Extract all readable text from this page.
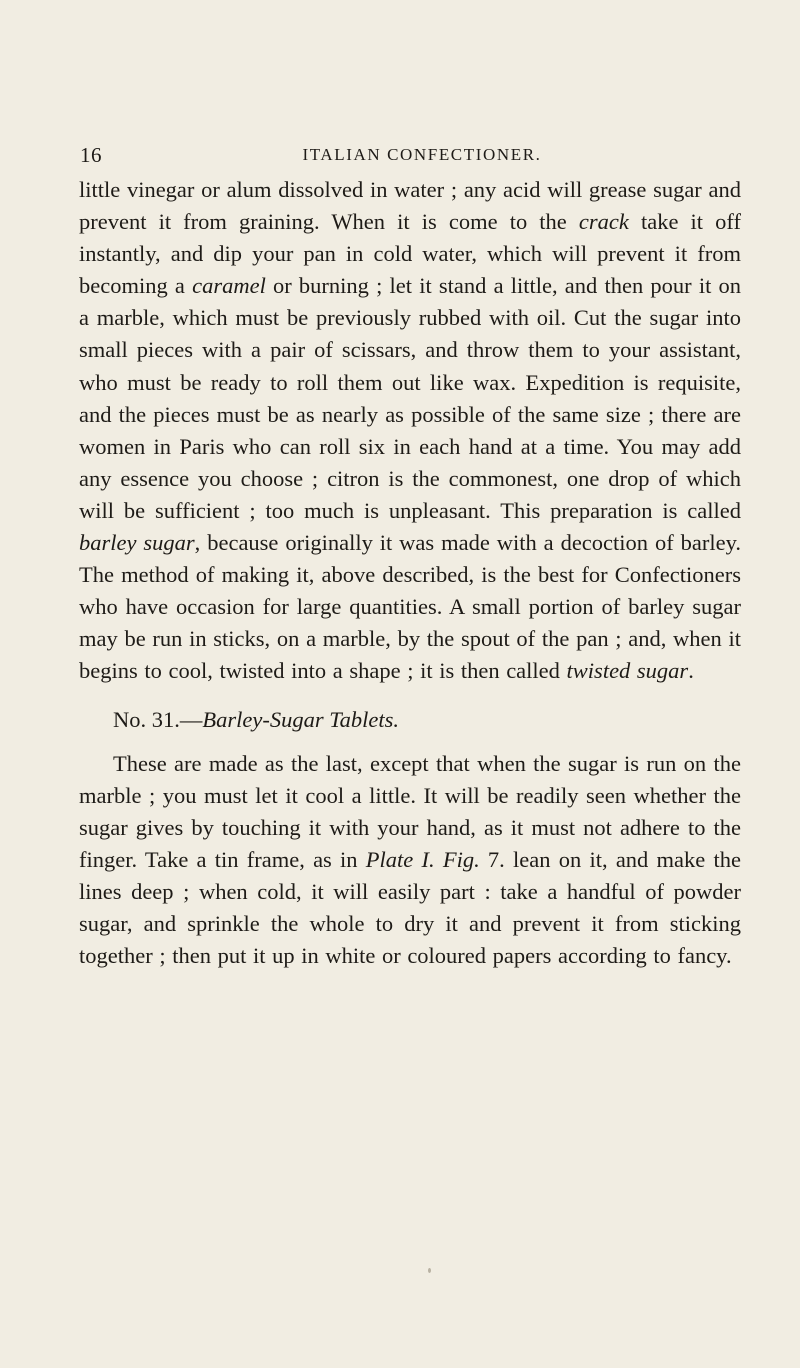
16	ITALIAN CONFECTIONER.

little vinegar or alum dissolved in water ; any acid will grease sugar and prevent it from graining. When it is come to the crack take it off instantly, and dip your pan in cold water, which will prevent it from becoming a caramel or burning ; let it stand a little, and then pour it on a marble, which must be previously rubbed with oil. Cut the sugar into small pieces with a pair of scissars, and throw them to your assistant, who must be ready to roll them out like wax. Expedition is requisite, and the pieces must be as nearly as possible of the same size ; there are women in Paris who can roll six in each hand at a time. You may add any essence you choose ; citron is the commonest, one drop of which will be sufficient ; too much is unpleasant. This preparation is called barley sugar, because originally it was made with a decoction of barley. The method of making it, above described, is the best for Confectioners who have occasion for large quantities. A small portion of barley sugar may be run in sticks, on a marble, by the spout of the pan ; and, when it begins to cool, twisted into a shape ; it is then called twisted sugar.

No. 31.—Barley-Sugar Tablets.

These are made as the last, except that when the sugar is run on the marble ; you must let it cool a little. It will be readily seen whether the sugar gives by touching it with your hand, as it must not adhere to the finger. Take a tin frame, as in Plate I. Fig. 7. lean on it, and make the lines deep ; when cold, it will easily part : take a handful of powder sugar, and sprinkle the whole to dry it and prevent it from sticking together ; then put it up in white or coloured papers according to fancy.
